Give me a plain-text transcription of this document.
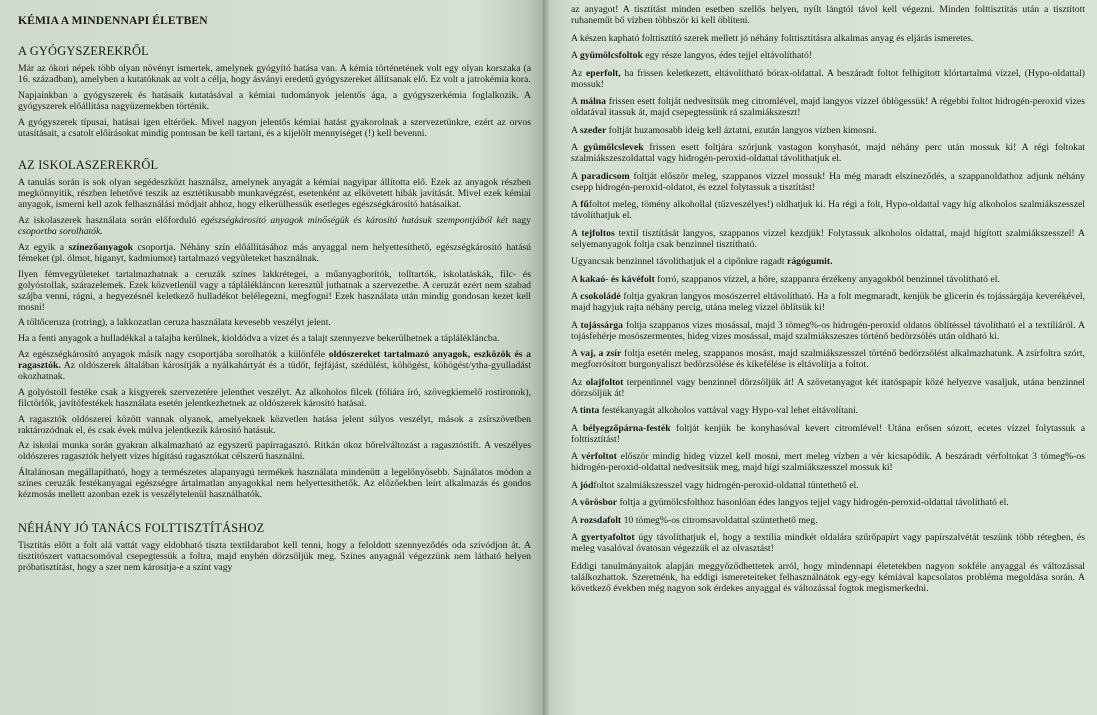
KÉMIA A MINDENNAPI ÉLETBEN
A GYÓGYSZEREKRŐL

Már az ókori népek több olyan növényt ismertek, amelynek gyógyító hatása van. A kémia történetének volt egy olyan korszaka (a 16. században), amelyben a kutatóknak az volt a célja, hogy ásványi eredetű gyógyszereket állítsanak elő. Ez volt a jatrokémia kora.

Napjainkban a gyógyszerek és hatásaik kutatásával a kémiai tudományok jelentős ága, a gyógyszerkémia foglalkozik. A gyógyszerek előállítása nagyüzemekben történik.

A gyógyszerek típusai, hatásai igen eltérőek. Mivel nagyon jelentős kémiai hatást gyakorolnak a szervezetünkre, ezért az orvos utasításait, a csatolt előírásokat mindig pontosan be kell tartani, és a kijelölt mennyiséget (!) kell bevenni.

AZ ISKOLASZEREKRŐL

A tanulás során is sok olyan segédeszközt használsz, amelynek anyagát a kémiai nagyipar állította elő. Ezek az anyagok részben megkönnyítik, részben lehetővé teszik az esztétikusabb munkavégzést, esetenként az elkövetett hibák javítását. Mivel ezek kémiai anyagok, ismerni kell azok felhasználási módjait ahhoz, hogy elkerülhessük esetleges egészségkárosító hatásaikat.

Az iskolaszerek használata során előforduló egészségkárosító anyagok minőségük és károsító hatásuk szempontjából két nagy csoportba sorolhatók.

Az egyik a színezőanyagok csoportja. Néhány szín előállításához más anyaggal nem helyettesíthető, egészségkárosító hatású fémeket (pl. ólmot, higanyt, kadmiumot) tartalmazó vegyületeket használnak.

Ilyen fémvegyületeket tartalmazhatnak a ceruzák színes lakkrétegei, a műanyagborítók, tolltartók, iskolatáskák, filc- és golyóstollak, szárazelemek. Ezek közvetlenül vagy a táplálékláncon keresztül juthatnak a szervezetbe. A ceruzát ezért nem szabad szájba venni, rágni, a hegyezésnél keletkező hulladékot belélegezni, megfogni! Ezek használata után mindig gondosan kezet kell mosni!

A töltőceruza (rotring), a lakkozatlan ceruza használata kevesebb veszélyt jelent.

Ha a fenti anyagok a hulladékkal a talajba kerülnek, kioldódva a vizet és a talajt szennyezve bekerülhetnek a táplálékláncba.

Az egészségkárosító anyagok másik nagy csoportjába sorolhatók a különféle oldószereket tartalmazó anyagok, eszközök és a ragasztók. Az oldószerek általában károsítják a nyálkahártyát és a tüdőt, fejfájást, szédülést, köhögést, köhögést/ytha-gyulladást okozhatnak.

A golyóstoll festéke csak a kisgyerek szervezetére jelenthet veszélyt. Az alkoholos filcek (fóliára író, szövegkiemelő rostironok), filctörlők, javítófestékek használata esetén jelentkezhetnek az oldószerek károsító hatásai.

A ragasztók oldószerei között vannak olyanok, amelyeknek közvetlen hatása jelent súlyos veszélyt, mások a zsírszövetben raktározódnak el, és csak évek múlva jelentkezik károsító hatásuk.

Az iskolai munka során gyakran alkalmazható az egyszerű papírragasztó. Ritkán okoz bőrelváltozást a ragasztóstift. A veszélyes oldószeres ragasztók helyett vizes hígítású ragasztókat célszerű használni.

Általánosan megállapítható, hogy a természetes alapanyagú termékek használata mindenütt a legelőnyösebb. Sajnálatos módon a színes ceruzák festékanyagai egészségre ártalmatlan anyagokkal nem helyettesíthetők. Az előzőekben leírt alkalmazás és gondos kézmosás mellett azonban ezek is veszélytelenül használhatók.

NÉHÁNY JÓ TANÁCS FOLTTISZTÍTÁSHOZ

Tisztítás előtt a folt alá vattát vagy eldobható tiszta textildarabot kell tenni, hogy a feloldott szennyeződés oda szívódjon át. A tisztítószert vattacsomóval csepegtessük a foltra, majd enyhén dörzsöljük meg. Színes anyagnál végezzünk nem látható helyen próbatisztítást, hogy a szer nem károsítja-e a színt vagy

az anyagot! A tisztítást minden esetben szellős helyen, nyílt lángtól távol kell végezni. Minden folttisztítás után a tisztított ruhaneműt bő vízben többször ki kell öblíteni.

A készen kapható folttisztító szerek mellett jó néhány folttisztításra alkalmas anyag és eljárás ismeretes.

A gyümölcsfoltok egy része langyos, édes tejjel eltávolítható!

Az eperfolt, ha frissen keletkezett, eltávolítható bórax-oldattal. A beszáradt foltot felhígított klórtartalmú vízzel, (Hypo-oldattal) mossuk!

A málna frissen esett foltját nedvesítsük meg citromlével, majd langyos vízzel öblögessük! A régebbi foltot hidrogén-peroxid vizes oldatával itassuk át, majd csepegtessünk rá szalmiákszeszt!

A szeder foltját huzamosabb ideig kell áztatni, ezután langyos vízben kimosni.

A gyümölcslevek frissen esett foltjára szórjunk vastagon konyhasót, majd néhány perc után mossuk ki! A régi foltokat szalmiákszeszoldattal vagy hidrogén-peroxid-oldattal távolíthatjuk el.

A paradicsom foltját először meleg, szappanos vízzel mossuk! Ha még maradt elszíneződés, a szappanoldathoz adjunk néhány csepp hidrogén-peroxid-oldatot, és ezzel folytassuk a tisztítást!

A fűfoltot meleg, tömény alkohollal (tűzveszélyes!) oldhatjuk ki. Ha régi a folt, Hypo-oldattal vagy híg alkoholos szalmiákszesszel távolíthatjuk el.

A tejfoltos textil tisztítását langyos, szappanos vízzel kezdjük! Folytassuk alkoholos oldattal, majd hígított szalmiákszesszel! A selyemanyagok foltja csak benzinnel tisztítható.

Ugyancsak benzinnel távolíthatjuk el a cipőnkre ragadt rágógumit.

A kakaó- és kávéfolt forró, szappanos vízzel, a hőre, szappanra érzékeny anyagokból benzinnel távolítható el.

A csokoládé foltja gyakran langyos mosószerrel eltávolítható. Ha a folt megmaradt, kenjük be glicerin és tojássárgája keverékével, majd hagyjuk rajta néhány percig, utána meleg vízzel öblítsük ki!

A tojássárga foltja szappanos vizes mosással, majd 3 tömeg%-os hidrogén-peroxid oldatos öblítéssel távolítható el a textíliáról. A tojásfehérje mosószermentes, hideg vizes mosással, majd szalmiákszeszes történő bedörzsölés után oldható ki.

A vaj, a zsír foltja esetén meleg, szappanos mosást, majd szalmiákszesszel történő bedörzsölést alkalmazhatunk. A zsírfoltra szórt, megforrósított burgonyaliszt bedörzsölése és kikefélése is eltávolítja a foltot.

Az olajfoltot terpentinnel vagy benzinnel dörzsöljük át! A szövetanyagot két itatóspapír közé helyezve vasaljuk, utána benzinnel dörzsöljük át!

A tinta festékanyagát alkoholos vattával vagy Hypo-val lehet eltávolítani.

A bélyegzőpárna-festék foltját kenjük be konyhasóval kevert citromlével! Utána erősen sózott, ecetes vízzel folytassuk a folttisztítást!

A vérfoltot először mindig hideg vízzel kell mosni, mert meleg vízben a vér kicsapódik. A beszáradt vérfoltokat 3 tömeg%-os hidrogén-peroxid-oldattal nedvesítsük meg, majd hígi szalmiákszesszel mossuk ki!

A jódfoltot szalmiákszesszel vagy hidrogén-peroxid-oldattal tüntethető el.

A vörösbor foltja a gyümölcsfolthoz hasonlóan édes langyos tejjel vagy hidrogén-peroxid-oldattal távolítható el.

A rozsdafolt 10 tömeg%-os citromsavoldattal szüntethető meg.

A gyertyafoltot úgy távolíthatjuk el, hogy a textília mindkét oldalára szűrőpapírt vagy papírszalvétát teszünk több rétegben, és meleg vasalóval óvatosan végezzük el az olvasztást!

Eddigi tanulmányaitok alapján meggyőződhettetek arról, hogy mindennapi életetekben nagyon sokféle anyaggal és változással találkozhattok. Szeretnénk, ha eddigi ismereteiteket felhasználnátok egy-egy kémiával kapcsolatos probléma megoldása során. A következő években még nagyon sok érdekes anyaggal és változással fogtok megismerkedni.
